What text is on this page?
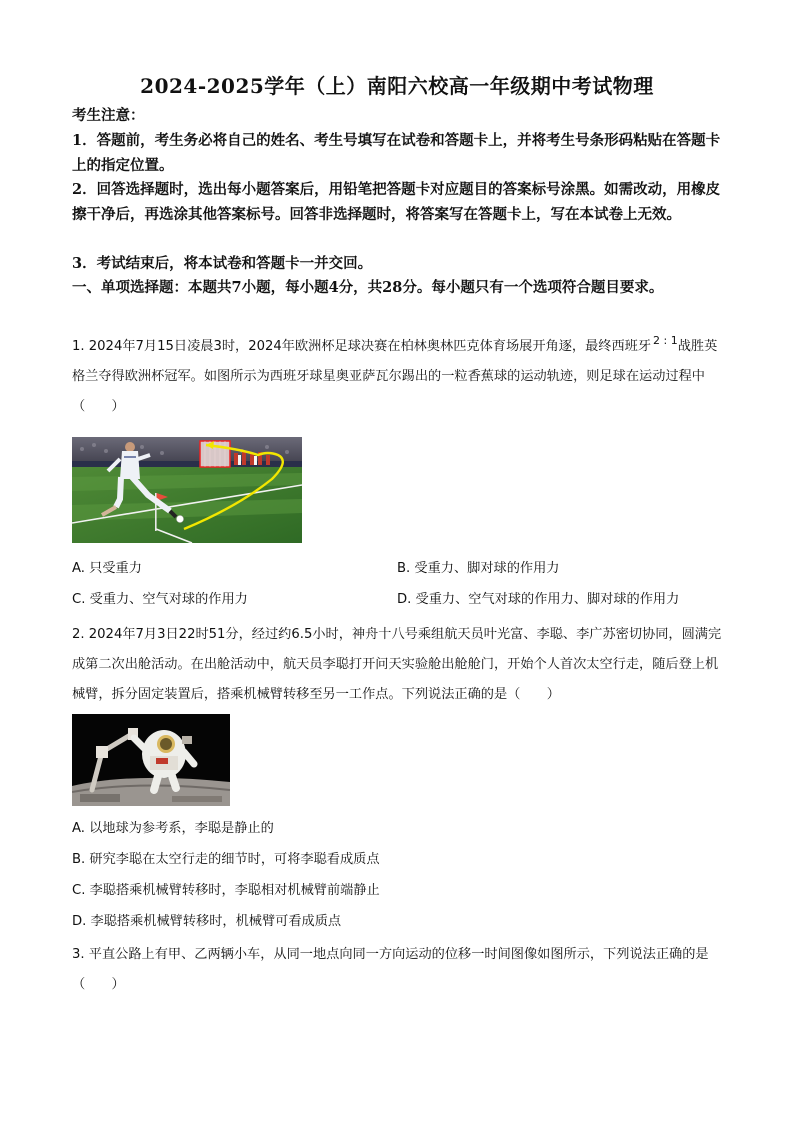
2024-2025学年（上）南阳六校高一年级期中考试物理
考生注意：
1．答题前，考生务必将自己的姓名、考生号填写在试卷和答题卡上，并将考生号条形码粘贴在答题卡上的指定位置。
2．回答选择题时，选出每小题答案后，用铅笔把答题卡对应题目的答案标号涂黑。如需改动，用橡皮擦干净后，再选涂其他答案标号。回答非选择题时，将答案写在答题卡上，写在本试卷上无效。
3．考试结束后，将本试卷和答题卡一并交回。
一、单项选择题：本题共7小题，每小题4分，共28分。每小题只有一个选项符合题目要求。
1. 2024年7月15日凌晨3时，2024年欧洲杯足球决赛在柏林奥林匹克体育场展开角逐，最终西班牙 $^{2 : 1}$战胜英格兰夺得欧洲杯冠军。如图所示为西班牙球星奥亚萨瓦尔踢出的一粒香蕉球的运动轨迹，则足球在运动过程中（　　）
A. 只受重力	B. 受重力、脚对球的作用力
C. 受重力、空气对球的作用力	D. 受重力、空气对球的作用力、脚对球的作用力
2. 2024年7月3日22时51分，经过约6.5小时，神舟十八号乘组航天员叶光富、李聪、李广苏密切协同，圆满完成第二次出舱活动。在出舱活动中，航天员李聪打开问天实验舱出舱舱门，开始个人首次太空行走，随后登上机械臂，拆分固定装置后，搭乘机械臂转移至另一工作点。下列说法正确的是（　　）
A. 以地球为参考系，李聪是静止的
B. 研究李聪在太空行走的细节时，可将李聪看成质点
C. 李聪搭乘机械臂转移时，李聪相对机械臂前端静止
D. 李聪搭乘机械臂转移时，机械臂可看成质点
3. 平直公路上有甲、乙两辆小车，从同一地点向同一方向运动的位移一时间图像如图所示，下列说法正确的是（　　）
